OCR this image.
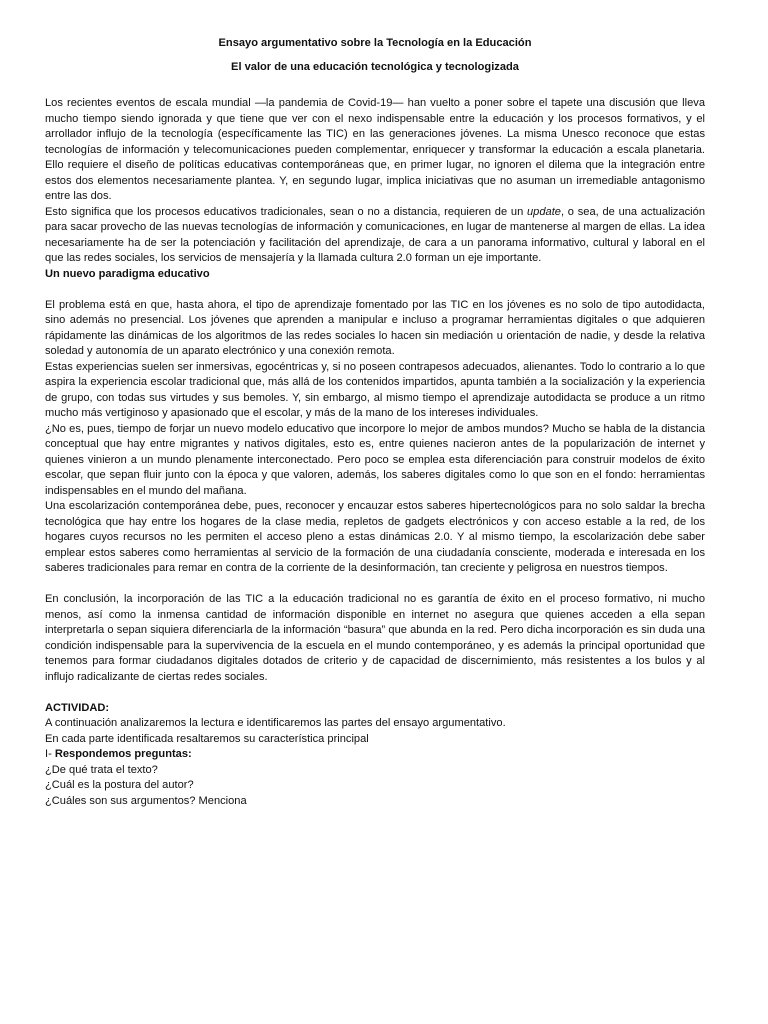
Ensayo argumentativo sobre la Tecnología en la Educación

El valor de una educación tecnológica y tecnologizada

Los recientes eventos de escala mundial —la pandemia de Covid-19— han vuelto a poner sobre el tapete una discusión que lleva mucho tiempo siendo ignorada y que tiene que ver con el nexo indispensable entre la educación y los procesos formativos, y el arrollador influjo de la tecnología (específicamente las TIC) en las generaciones jóvenes. La misma Unesco reconoce que estas tecnologías de información y telecomunicaciones pueden complementar, enriquecer y transformar la educación a escala planetaria. Ello requiere el diseño de políticas educativas contemporáneas que, en primer lugar, no ignoren el dilema que la integración entre estos dos elementos necesariamente plantea. Y, en segundo lugar, implica iniciativas que no asuman un irremediable antagonismo entre las dos.

Esto significa que los procesos educativos tradicionales, sean o no a distancia, requieren de un update, o sea, de una actualización para sacar provecho de las nuevas tecnologías de información y comunicaciones, en lugar de mantenerse al margen de ellas. La idea necesariamente ha de ser la potenciación y facilitación del aprendizaje, de cara a un panorama informativo, cultural y laboral en el que las redes sociales, los servicios de mensajería y la llamada cultura 2.0 forman un eje importante.

Un nuevo paradigma educativo

El problema está en que, hasta ahora, el tipo de aprendizaje fomentado por las TIC en los jóvenes es no solo de tipo autodidacta, sino además no presencial. Los jóvenes que aprenden a manipular e incluso a programar herramientas digitales o que adquieren rápidamente las dinámicas de los algoritmos de las redes sociales lo hacen sin mediación u orientación de nadie, y desde la relativa soledad y autonomía de un aparato electrónico y una conexión remota.

Estas experiencias suelen ser inmersivas, egocéntricas y, si no poseen contrapesos adecuados, alienantes. Todo lo contrario a lo que aspira la experiencia escolar tradicional que, más allá de los contenidos impartidos, apunta también a la socialización y la experiencia de grupo, con todas sus virtudes y sus bemoles. Y, sin embargo, al mismo tiempo el aprendizaje autodidacta se produce a un ritmo mucho más vertiginoso y apasionado que el escolar, y más de la mano de los intereses individuales.

¿No es, pues, tiempo de forjar un nuevo modelo educativo que incorpore lo mejor de ambos mundos? Mucho se habla de la distancia conceptual que hay entre migrantes y nativos digitales, esto es, entre quienes nacieron antes de la popularización de internet y quienes vinieron a un mundo plenamente interconectado. Pero poco se emplea esta diferenciación para construir modelos de éxito escolar, que sepan fluir junto con la época y que valoren, además, los saberes digitales como lo que son en el fondo: herramientas indispensables en el mundo del mañana.

Una escolarización contemporánea debe, pues, reconocer y encauzar estos saberes hipertecnológicos para no solo saldar la brecha tecnológica que hay entre los hogares de la clase media, repletos de gadgets electrónicos y con acceso estable a la red, de los hogares cuyos recursos no les permiten el acceso pleno a estas dinámicas 2.0. Y al mismo tiempo, la escolarización debe saber emplear estos saberes como herramientas al servicio de la formación de una ciudadanía consciente, moderada e interesada en los saberes tradicionales para remar en contra de la corriente de la desinformación, tan creciente y peligrosa en nuestros tiempos.

En conclusión, la incorporación de las TIC a la educación tradicional no es garantía de éxito en el proceso formativo, ni mucho menos, así como la inmensa cantidad de información disponible en internet no asegura que quienes acceden a ella sepan interpretarla o sepan siquiera diferenciarla de la información “basura” que abunda en la red. Pero dicha incorporación es sin duda una condición indispensable para la supervivencia de la escuela en el mundo contemporáneo, y es además la principal oportunidad que tenemos para formar ciudadanos digitales dotados de criterio y de capacidad de discernimiento, más resistentes a los bulos y al influjo radicalizante de ciertas redes sociales.

ACTIVIDAD:

A continuación analizaremos la lectura e identificaremos las partes del ensayo argumentativo.

En cada parte identificada resaltaremos su característica principal

I- Respondemos preguntas:

¿De qué trata el texto?

¿Cuál es la postura del autor?

¿Cuáles son sus argumentos? Menciona
